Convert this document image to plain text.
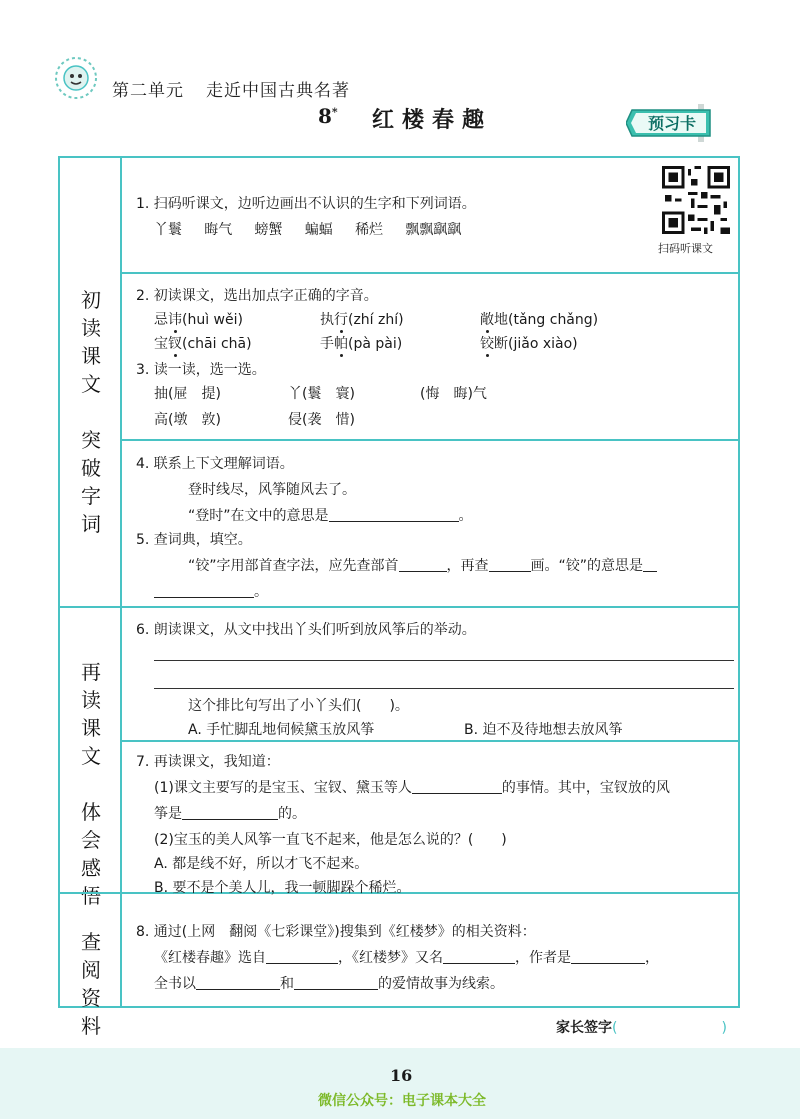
第二单元 走近中国古典名著
8* 红楼春趣	预习卡
初
读
课
文

突
破
字
词
再
读
课
文

体
会
感
悟
查
阅
资
料
1. 扫码听课文，边听边画出不认识的生字和下列词语。
丫鬟 晦气 螃蟹 蝙蝠 稀烂 飘飘飖飖
2. 初读课文，选出加点字正确的字音。
忌讳(huì wěi)	执行(zhí zhí)	敞地(tǎng chǎng)
宝钗(chāi chā)	手帕(pà pài)	铰断(jiǎo xiào)
3. 读一读，选一选。
抽(屉　提)	丫(鬟　寰)	(悔　晦)气
高(墩　敦)	侵(袭　惜)
4. 联系上下文理解词语。
登时线尽，风筝随风去了。
“登时”在文中的意思是	。
5. 查词典，填空。
“铰”字用部首查字法，应先查部首	，再查	画。“铰”的意思是
。
6. 朗读课文，从文中找出丫头们听到放风筝后的举动。
这个排比句写出了小丫头们(　　)。
A. 手忙脚乱地伺候黛玉放风筝	B. 迫不及待地想去放风筝
7. 再读课文，我知道：
(1)课文主要写的是宝玉、宝钗、黛玉等人	的事情。其中，宝钗放的风
筝是	的。
(2)宝玉的美人风筝一直飞不起来，他是怎么说的？(　　)
A. 都是线不好，所以才飞不起来。
B. 要不是个美人儿，我一顿脚跺个稀烂。
8. 通过(上网　翻阅《七彩课堂》)搜集到《红楼梦》的相关资料：
《红楼春趣》选自	，《红楼梦》又名	，作者是	，
全书以	和	的爱情故事为线索。
扫码听课文
家长签字(	)
16
微信公众号：电子课本大全
